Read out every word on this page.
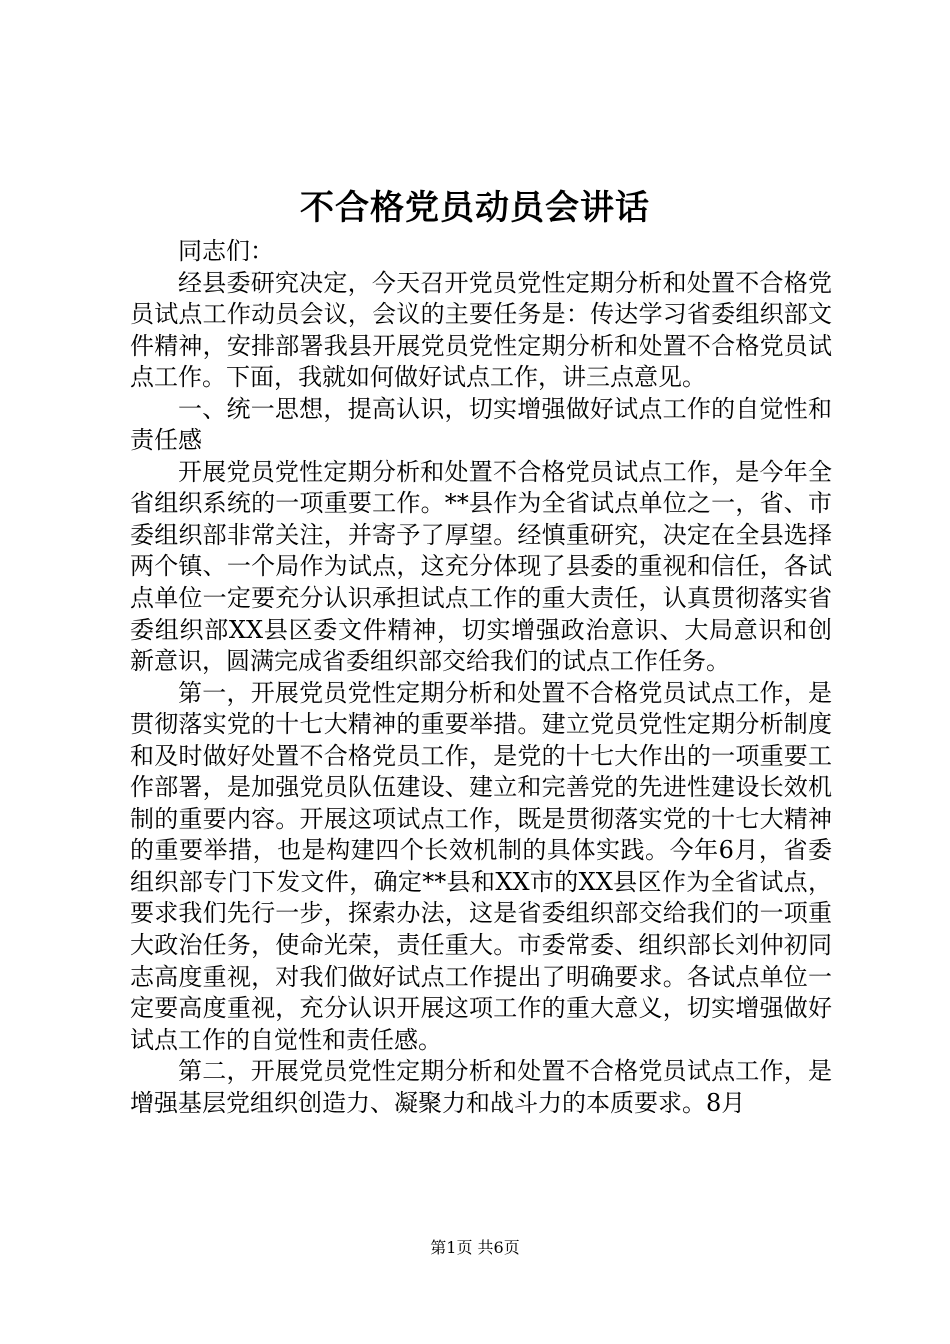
不合格党员动员会讲话

同志们：

经县委研究决定，今天召开党员党性定期分析和处置不合格党员试点工作动员会议，会议的主要任务是：传达学习省委组织部文件精神，安排部署我县开展党员党性定期分析和处置不合格党员试点工作。下面，我就如何做好试点工作，讲三点意见。

一、统一思想，提高认识，切实增强做好试点工作的自觉性和责任感

开展党员党性定期分析和处置不合格党员试点工作，是今年全省组织系统的一项重要工作。**县作为全省试点单位之一，省、市委组织部非常关注，并寄予了厚望。经慎重研究，决定在全县选择两个镇、一个局作为试点，这充分体现了县委的重视和信任，各试点单位一定要充分认识承担试点工作的重大责任，认真贯彻落实省委组织部XX县区委文件精神，切实增强政治意识、大局意识和创新意识，圆满完成省委组织部交给我们的试点工作任务。

第一，开展党员党性定期分析和处置不合格党员试点工作，是贯彻落实党的十七大精神的重要举措。建立党员党性定期分析制度和及时做好处置不合格党员工作，是党的十七大作出的一项重要工作部署，是加强党员队伍建设、建立和完善党的先进性建设长效机制的重要内容。开展这项试点工作，既是贯彻落实党的十七大精神的重要举措，也是构建四个长效机制的具体实践。今年6月，省委组织部专门下发文件，确定**县和XX市的XX县区作为全省试点，要求我们先行一步，探索办法，这是省委组织部交给我们的一项重大政治任务，使命光荣，责任重大。市委常委、组织部长刘仲初同志高度重视，对我们做好试点工作提出了明确要求。各试点单位一定要高度重视，充分认识开展这项工作的重大意义，切实增强做好试点工作的自觉性和责任感。

第二，开展党员党性定期分析和处置不合格党员试点工作，是增强基层党组织创造力、凝聚力和战斗力的本质要求。8月

第1页 共6页
